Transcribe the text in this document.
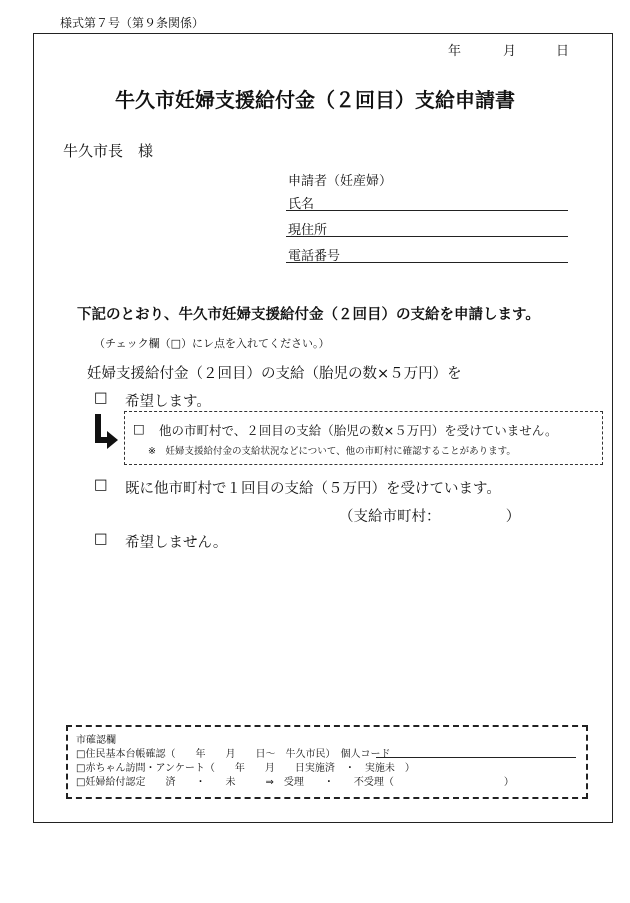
様式第７号（第９条関係）
年	月	日
牛久市妊婦支援給付金（２回目）支給申請書
牛久市長　様
申請者（妊産婦）
氏名
現住所
電話番号
下記のとおり、牛久市妊婦支援給付金（２回目）の支給を申請します。
（チェック欄（□）にレ点を入れてください。）
妊婦支援給付金（２回目）の支給（胎児の数×５万円）を
□ 希望します。
□ 他の市町村で、２回目の支給（胎児の数×５万円）を受けていません。
※　妊婦支援給付金の支給状況などについて、他の市町村に確認することがあります。
□ 既に他市町村で１回目の支給（５万円）を受けています。
（支給市町村：　　　　　）
□ 希望しません。
市確認欄
□住民基本台帳確認（　　年　　月　　日～　牛久市民）　個人コード
□赤ちゃん訪問・アンケート（　　年　　月　　日実施済　・　実施未　）
□妊婦給付認定　　済　　・　　未　　　⇒　受理　　・　　不受理（　　　　　　　　　　　）
